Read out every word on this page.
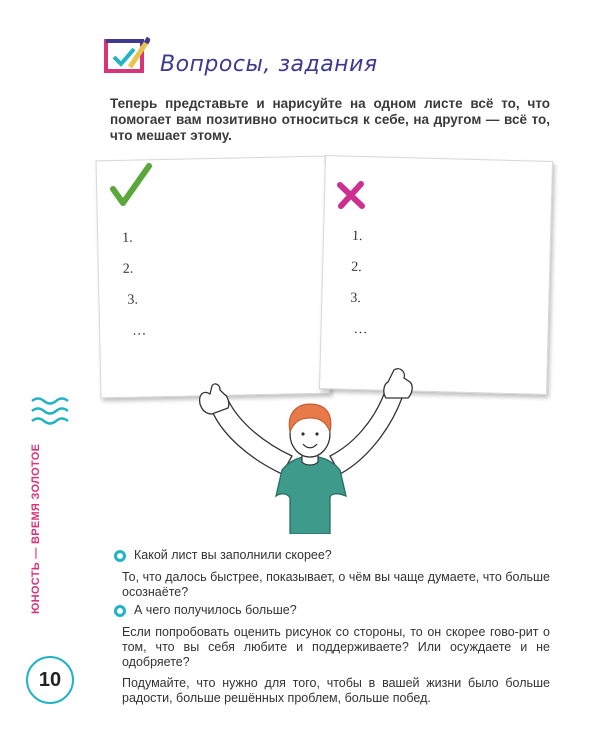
Вопросы, задания
Теперь представьте и нарисуйте на одном листе всё то, что помогает вам позитивно относиться к себе, на другом — всё то, что мешает этому.
1.
2.
3.
…
1.
2.
3.
…
ЮНОСТЬ — ВРЕМЯ ЗОЛОТОЕ
10
Какой лист вы заполнили скорее?
То, что далось быстрее, показывает, о чём вы чаще думаете, что больше осознаёте?
А чего получилось больше?
Если попробовать оценить рисунок со стороны, то он скорее гово-рит о том, что вы себя любите и поддерживаете? Или осуждаете и не одобряете?
Подумайте, что нужно для того, чтобы в вашей жизни было больше радости, больше решённых проблем, больше побед.
